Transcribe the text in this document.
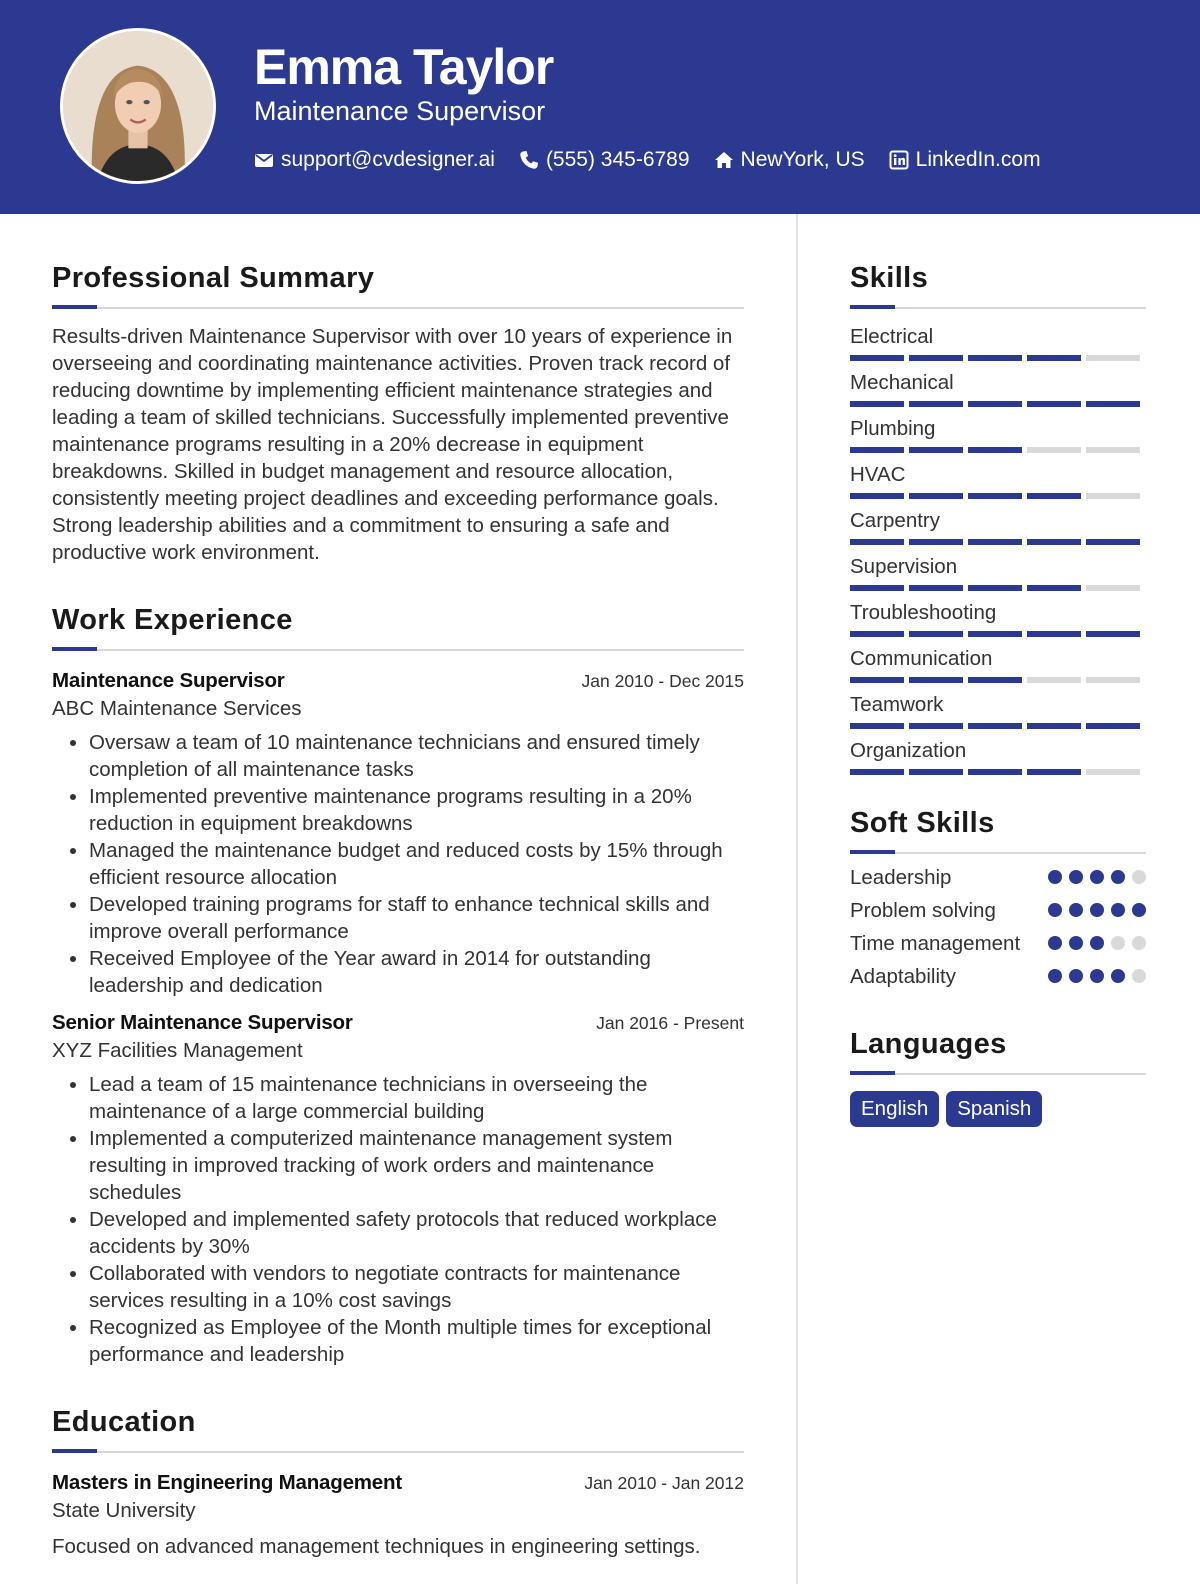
Emma Taylor
Maintenance Supervisor
support@cvdesigner.ai (555) 345-6789 NewYork, US LinkedIn.com
Professional Summary
Results-driven Maintenance Supervisor with over 10 years of experience in overseeing and coordinating maintenance activities. Proven track record of reducing downtime by implementing efficient maintenance strategies and leading a team of skilled technicians. Successfully implemented preventive maintenance programs resulting in a 20% decrease in equipment breakdowns. Skilled in budget management and resource allocation, consistently meeting project deadlines and exceeding performance goals. Strong leadership abilities and a commitment to ensuring a safe and productive work environment.
Work Experience
Maintenance Supervisor	Jan 2010 - Dec 2015
ABC Maintenance Services
• Oversaw a team of 10 maintenance technicians and ensured timely completion of all maintenance tasks
• Implemented preventive maintenance programs resulting in a 20% reduction in equipment breakdowns
• Managed the maintenance budget and reduced costs by 15% through efficient resource allocation
• Developed training programs for staff to enhance technical skills and improve overall performance
• Received Employee of the Year award in 2014 for outstanding leadership and dedication
Senior Maintenance Supervisor	Jan 2016 - Present
XYZ Facilities Management
• Lead a team of 15 maintenance technicians in overseeing the maintenance of a large commercial building
• Implemented a computerized maintenance management system resulting in improved tracking of work orders and maintenance schedules
• Developed and implemented safety protocols that reduced workplace accidents by 30%
• Collaborated with vendors to negotiate contracts for maintenance services resulting in a 10% cost savings
• Recognized as Employee of the Month multiple times for exceptional performance and leadership
Education
Masters in Engineering Management	Jan 2010 - Jan 2012
State University
Focused on advanced management techniques in engineering settings.
Skills
Electrical
Mechanical
Plumbing
HVAC
Carpentry
Supervision
Troubleshooting
Communication
Teamwork
Organization
Soft Skills
Leadership
Problem solving
Time management
Adaptability
Languages
English	Spanish
